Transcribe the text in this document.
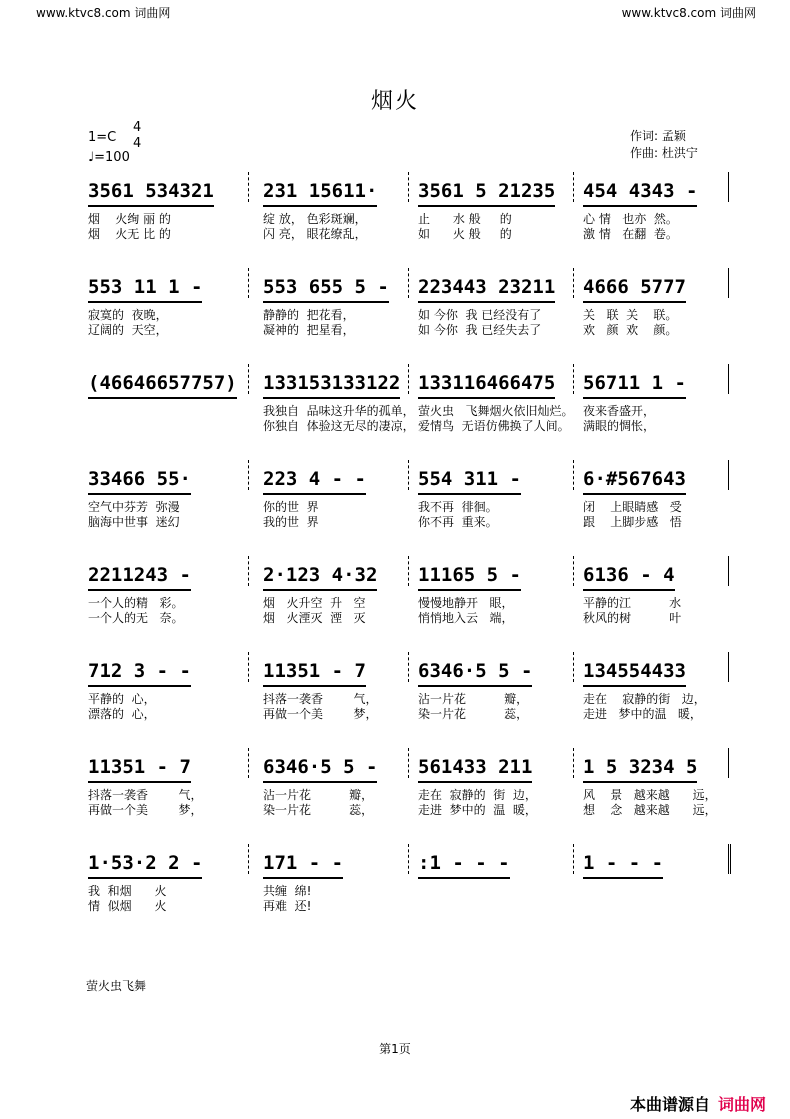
www.ktvc8.com 词曲网	www.ktvc8.com 词曲网
烟火
1=C
4
4
♩=100
作词: 孟颖
作曲: 杜洪宁
3561 534321
烟    火绚 丽 的
烟    火无 比 的
231 15611·
绽 放， 色彩斑斓，
闪 亮， 眼花缭乱，
3561 5 21235
止      水 般     的
如      火 般     的
454 4343 -
心 情   也亦  然。
激 情   在翻  卷。
553 11 1 -
寂寞的  夜晚，
辽阔的  天空，
553 655 5 -
静静的  把花看，
凝神的  把星看，
223443 23211
如 今你  我 已经没有了
如 今你  我 已经失去了
4666 5777
关   联  关    联。
欢   颜  欢    颜。
(46646657757) 133153133122
我独自  品味这升华的孤单，
你独自  体验这无尽的凄凉，
133116466475
萤火虫   飞舞烟火依旧灿烂。
爱情鸟  无语仿佛换了人间。
56711 1 -
夜来香盛开，
满眼的惆怅，
33466 55·
空气中芬芳  弥漫
脑海中世事  迷幻
223 4 - -
你的世  界
我的世  界
554 311 -
我不再  徘徊。
你不再  重来。
6·#567643
闭    上眼睛感   受
跟    上脚步感   悟
2211243 -
一个人的精   彩。
一个人的无   奈。
2·123 4·32
烟   火升空  升   空
烟   火湮灭  湮   灭
11165 5 -
慢慢地静开   眼，
悄悄地入云   端，
6136 - 4
平静的江          水
秋风的树          叶
712 3 - -
平静的  心，
漂落的  心，
11351 - 7
抖落一袭香        气，
再做一个美        梦，
6346·5 5 -
沾一片花          瓣，
染一片花          蕊，
134554433
走在    寂静的街   边，
走进   梦中的温   暖，
11351 - 7
抖落一袭香        气，
再做一个美        梦，
6346·5 5 -
沾一片花          瓣，
染一片花          蕊，
561433 211
走在  寂静的  街  边，
走进  梦中的  温  暖，
1 5 3234 5
风    景   越来越      远，
想    念   越来越      远，
1·53·2 2 -
我  和烟      火
情  似烟      火
171 - -
共缠  绵!
再难  还!
:1 - - -	1 - - -
萤火虫飞舞
第1页
本曲谱源自 词曲网
